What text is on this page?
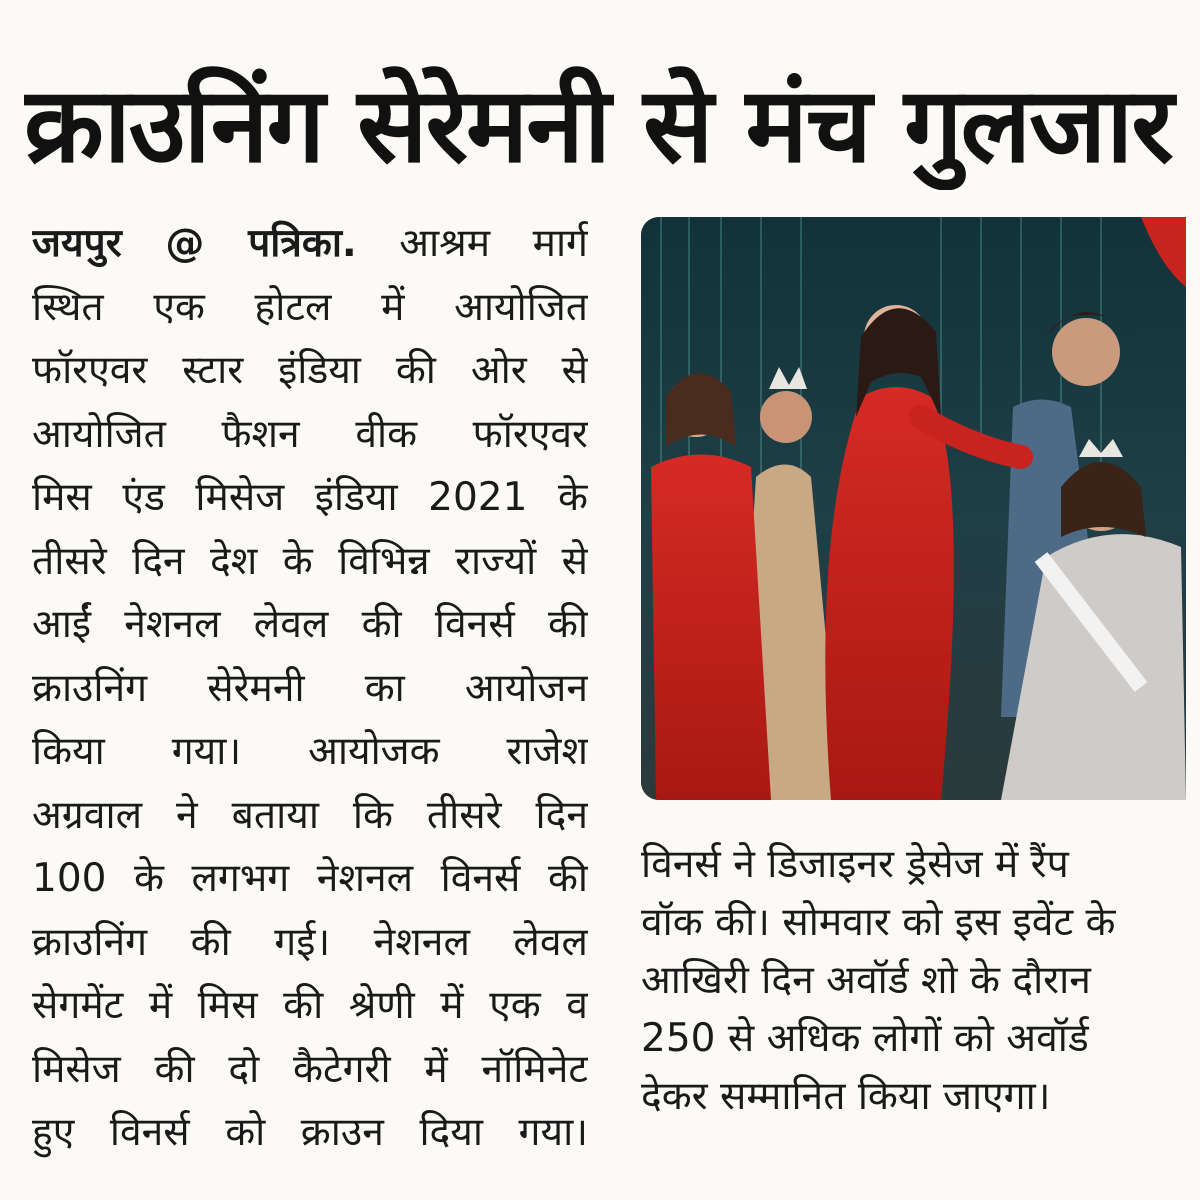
क्राउनिंग सेरेमनी से मंच गुलजार
जयपुर @ पत्रिका. आश्रम मार्ग
स्थित एक होटल में आयोजित
फॉरएवर स्टार इंडिया की ओर से
आयोजित फैशन वीक फॉरएवर
मिस एंड मिसेज इंडिया 2021 के
तीसरे दिन देश के विभिन्न राज्यों से
आईं नेशनल लेवल की विनर्स की
क्राउनिंग सेरेमनी का आयोजन
किया गया। आयोजक राजेश
अग्रवाल ने बताया कि तीसरे दिन
100 के लगभग नेशनल विनर्स की
क्राउनिंग की गई। नेशनल लेवल
सेगमेंट में मिस की श्रेणी में एक व
मिसेज की दो कैटेगरी में नॉमिनेट
हुए विनर्स को क्राउन दिया गया।
विनर्स ने डिजाइनर ड्रेसेज में रैंप
वॉक की। सोमवार को इस इवेंट के
आखिरी दिन अवॉर्ड शो के दौरान
250 से अधिक लोगों को अवॉर्ड
देकर सम्मानित किया जाएगा।
